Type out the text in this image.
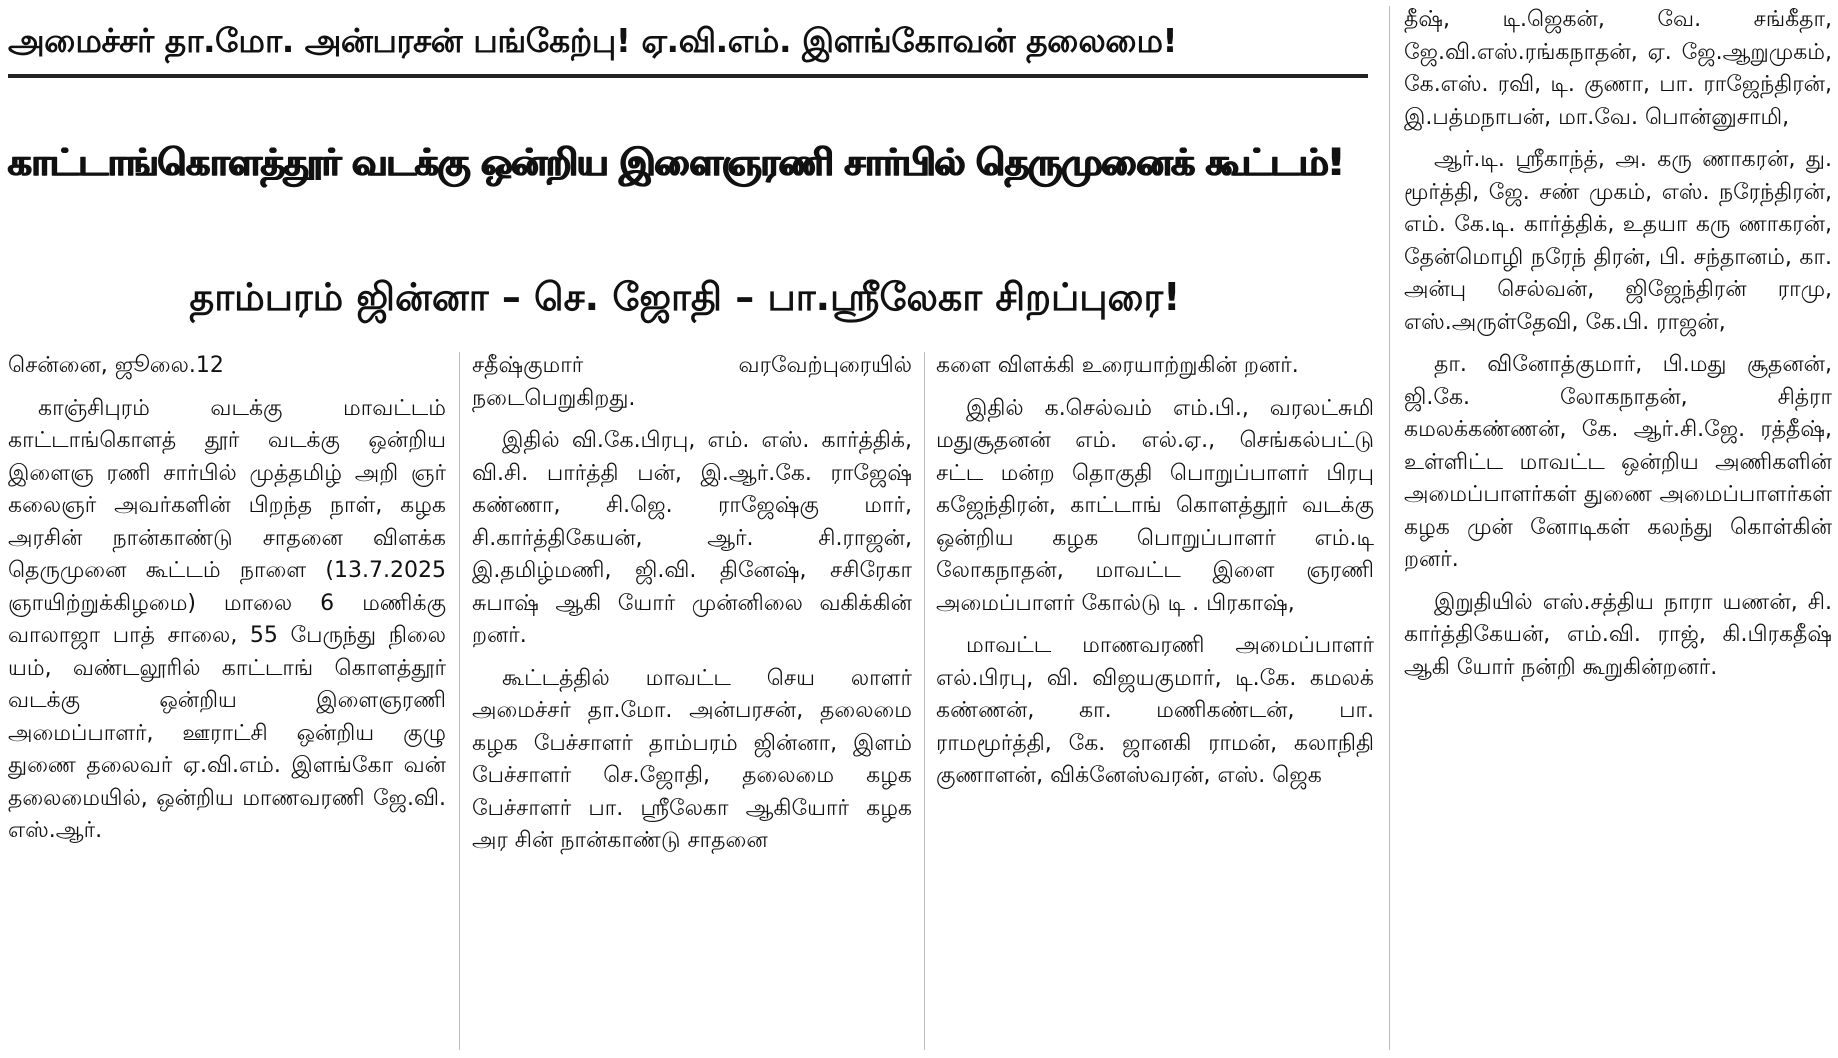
அமைச்சர் தா.மோ. அன்பரசன் பங்கேற்பு! ஏ.வி.எம். இளங்கோவன் தலைமை!
காட்டாங்கொளத்தூர் வடக்கு ஒன்றிய இளைஞரணி சார்பில் தெருமுனைக் கூட்டம்!
தாம்பரம் ஜின்னா – செ. ஜோதி – பா.ஸ்ரீலேகா சிறப்புரை!

சென்னை, ஜூலை.12

காஞ்சிபுரம் வடக்கு மாவட்டம் காட்டாங்கொளத் தூர் வடக்கு ஒன்றிய இளைஞ ரணி சார்பில் முத்தமிழ் அறி ஞர் கலைஞர் அவர்களின் பிறந்த நாள், கழக அரசின் நான்காண்டு சாதனை விளக்க தெருமுனை கூட்டம் நாளை (13.7.2025 ஞாயிற்றுக்கிழமை) மாலை 6 மணிக்கு வாலாஜா பாத் சாலை, 55 பேருந்து நிலை யம், வண்டலூரில் காட்டாங் கொளத்தூர் வடக்கு ஒன்றிய இளைஞரணி அமைப்பாளர், ஊராட்சி ஒன்றிய குழு துணை தலைவர் ஏ.வி.எம். இளங்கோ வன் தலைமையில், ஒன்றிய மாணவரணி ஜே.வி. எஸ்.ஆர்.

சதீஷ்குமார் வரவேற்புரையில் நடைபெறுகிறது.

இதில் வி.கே.பிரபு, எம். எஸ். கார்த்திக், வி.சி. பார்த்தி பன், இ.ஆர்.கே. ராஜேஷ் கண்ணா, சி.ஜெ. ராஜேஷ்கு மார், சி.கார்த்திகேயன், ஆர். சி.ராஜன், இ.தமிழ்மணி, ஜி.வி. தினேஷ், சசிரேகா சுபாஷ் ஆகி யோர் முன்னிலை வகிக்கின் றனர்.

கூட்டத்தில் மாவட்ட செய லாளர் அமைச்சர் தா.மோ. அன்பரசன், தலைமை கழக பேச்சாளர் தாம்பரம் ஜின்னா, இளம் பேச்சாளர் செ.ஜோதி, தலைமை கழக பேச்சாளர் பா. ஸ்ரீலேகா ஆகியோர் கழக அர சின் நான்காண்டு சாதனை

களை விளக்கி உரையாற்றுகின் றனர்.

இதில் க.செல்வம் எம்.பி., வரலட்சுமி மதுசூதனன் எம். எல்.ஏ., செங்கல்பட்டு சட்ட மன்ற தொகுதி பொறுப்பாளர் பிரபு கஜேந்திரன், காட்டாங் கொளத்தூர் வடக்கு ஒன்றிய கழக பொறுப்பாளர் எம்.டி லோகநாதன், மாவட்ட இளை ஞரணி அமைப்பாளர் கோல்டு டி . பிரகாஷ்,

மாவட்ட மாணவரணி அமைப்பாளர் எல்.பிரபு, வி. விஜயகுமார், டி.கே. கமலக் கண்ணன், கா. மணிகண்டன், பா. ராமமூர்த்தி, கே. ஜானகி ராமன், கலாநிதி குணாளன், விக்னேஸ்வரன், எஸ். ஜெக

தீஷ், டி.ஜெகன், வே. சங்கீதா, ஜே.வி.எஸ்.ரங்கநாதன், ஏ. ஜே.ஆறுமுகம், கே.எஸ். ரவி, டி. குணா, பா. ராஜேந்திரன், இ.பத்மநாபன், மா.வே. பொன்னுசாமி,

ஆர்.டி. ஸ்ரீகாந்த், அ. கரு ணாகரன், து. மூர்த்தி, ஜே. சண் முகம், எஸ். நரேந்திரன், எம். கே.டி. கார்த்திக், உதயா கரு ணாகரன், தேன்மொழி நரேந் திரன், பி. சந்தானம், கா. அன்பு செல்வன், ஜிஜேந்திரன் ராமு, எஸ்.அருள்தேவி, கே.பி. ராஜன்,

தா. வினோத்குமார், பி.மது சூதனன், ஜி.கே. லோகநாதன், சித்ரா கமலக்கண்ணன், கே. ஆர்.சி.ஜே. ரத்தீஷ், உள்ளிட்ட மாவட்ட ஒன்றிய அணிகளின் அமைப்பாளர்கள் துணை அமைப்பாளர்கள் கழக முன் னோடிகள் கலந்து கொள்கின் றனர்.

இறுதியில் எஸ்.சத்திய நாரா யணன், சி. கார்த்திகேயன், எம்.வி. ராஜ், கி.பிரகதீஷ் ஆகி யோர் நன்றி கூறுகின்றனர்.
